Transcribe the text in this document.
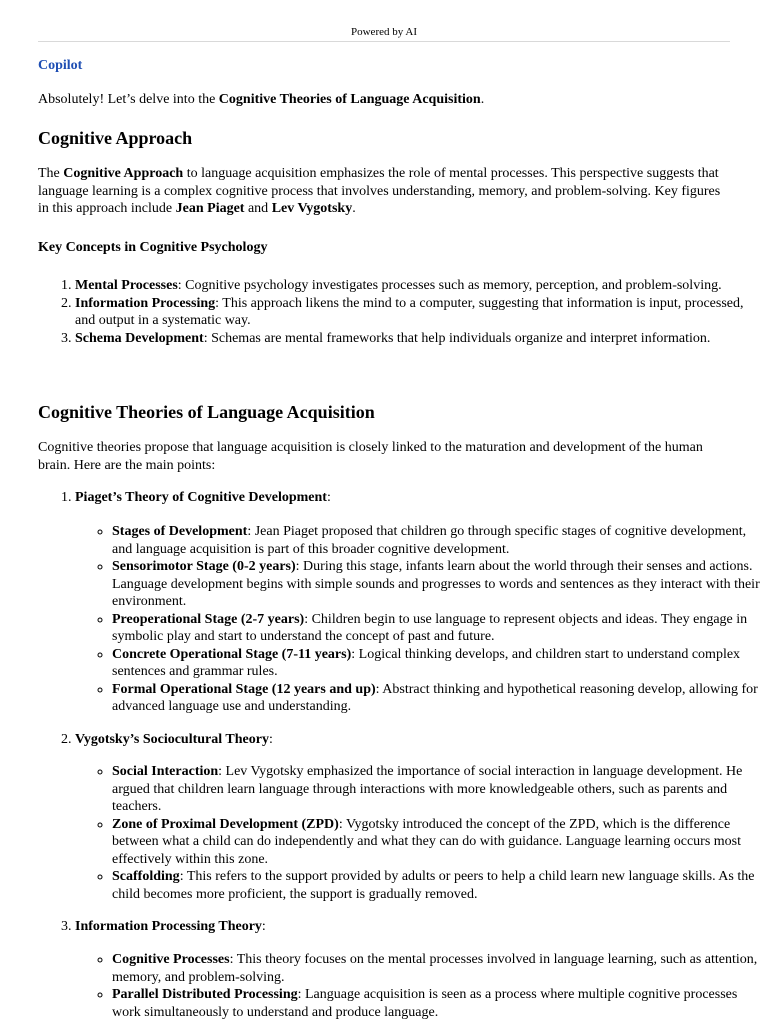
Powered by AI
Copilot

Absolutely! Let’s delve into the Cognitive Theories of Language Acquisition.

Cognitive Approach

The Cognitive Approach to language acquisition emphasizes the role of mental processes. This perspective suggests that language learning is a complex cognitive process that involves understanding, memory, and problem-solving. Key figures in this approach include Jean Piaget and Lev Vygotsky.

Key Concepts in Cognitive Psychology
1. Mental Processes: Cognitive psychology investigates processes such as memory, perception, and problem-solving.
2. Information Processing: This approach likens the mind to a computer, suggesting that information is input, processed, and output in a systematic way.
3. Schema Development: Schemas are mental frameworks that help individuals organize and interpret information.
Cognitive Theories of Language Acquisition

Cognitive theories propose that language acquisition is closely linked to the maturation and development of the human brain. Here are the main points:

1. Piaget’s Theory of Cognitive Development:
◦ Stages of Development: Jean Piaget proposed that children go through specific stages of cognitive development, and language acquisition is part of this broader cognitive development.
◦ Sensorimotor Stage (0-2 years): During this stage, infants learn about the world through their senses and actions. Language development begins with simple sounds and progresses to words and sentences as they interact with their environment.
◦ Preoperational Stage (2-7 years): Children begin to use language to represent objects and ideas. They engage in symbolic play and start to understand the concept of past and future.
◦ Concrete Operational Stage (7-11 years): Logical thinking develops, and children start to understand complex sentences and grammar rules.
◦ Formal Operational Stage (12 years and up): Abstract thinking and hypothetical reasoning develop, allowing for advanced language use and understanding.
2. Vygotsky’s Sociocultural Theory:
◦ Social Interaction: Lev Vygotsky emphasized the importance of social interaction in language development. He argued that children learn language through interactions with more knowledgeable others, such as parents and teachers.
◦ Zone of Proximal Development (ZPD): Vygotsky introduced the concept of the ZPD, which is the difference between what a child can do independently and what they can do with guidance. Language learning occurs most effectively within this zone.
◦ Scaffolding: This refers to the support provided by adults or peers to help a child learn new language skills. As the child becomes more proficient, the support is gradually removed.
3. Information Processing Theory:
◦ Cognitive Processes: This theory focuses on the mental processes involved in language learning, such as attention, memory, and problem-solving.
◦ Parallel Distributed Processing: Language acquisition is seen as a process where multiple cognitive processes work simultaneously to understand and produce language.
